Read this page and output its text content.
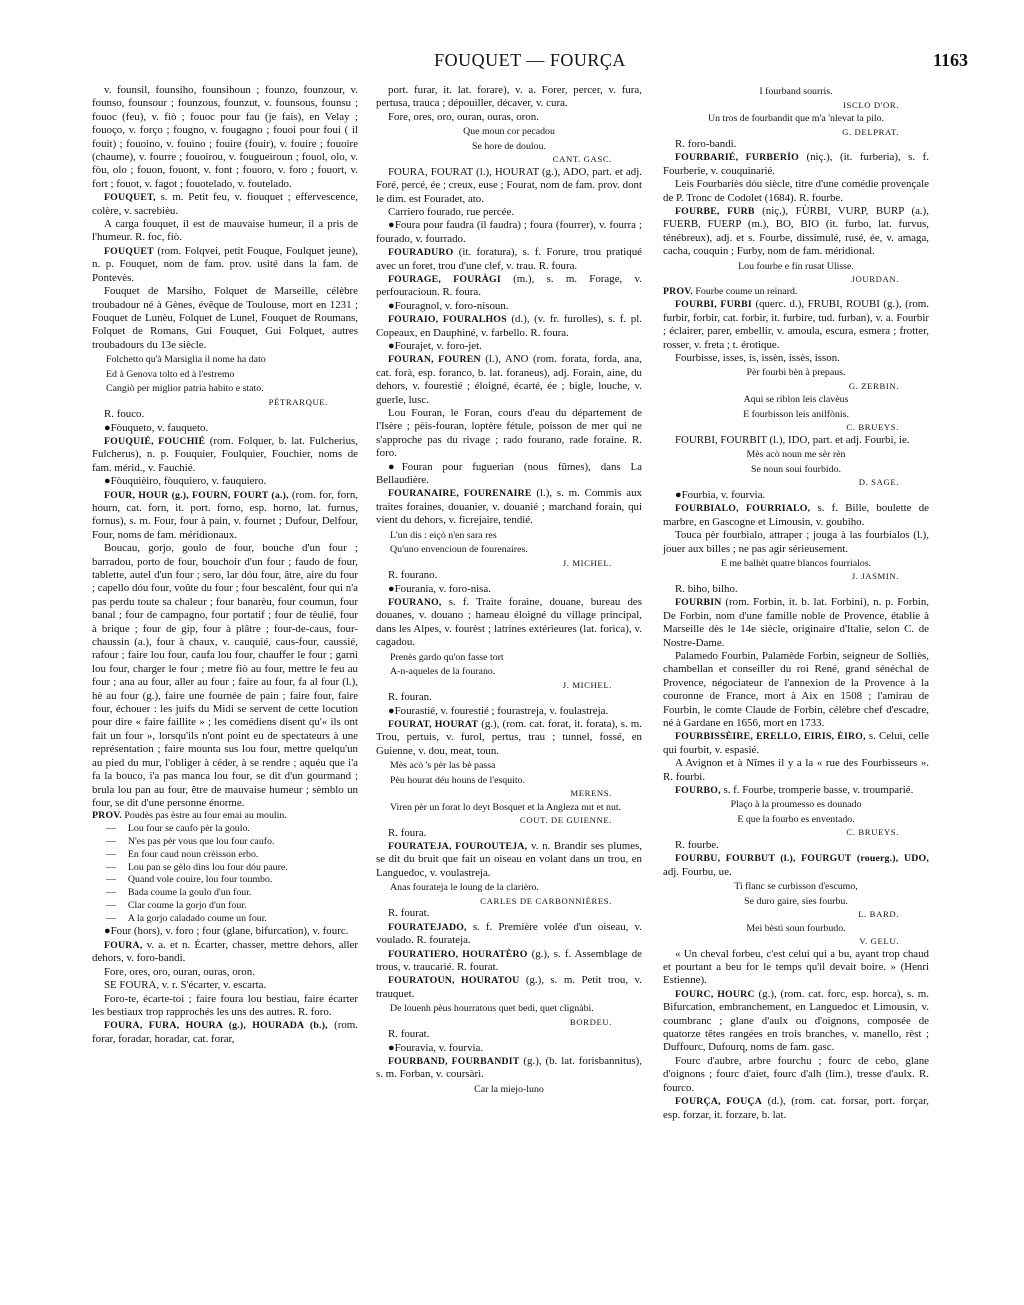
FOUQUET — FOURÇA	1163

v. founsil, founsiho, founsihoun ; founzo, founzour, v. founso, founsour ; founzous, founzut, v. founsous, founsu ; fouoc (feu), v. fiò ; fouoc pour fau (je fais), en Velay ; fouoço, v. forço ; fougno, v. fougagno ; fouoi pour foui ( il fouit) ; fouoino, v. fouino ; fouire (fouir), v. fouire ; fouoire (chaume), v. fourre ; fouoirou, v. fougueiroun ; fouol, olo, v. fòu, olo ; fouon, fouont, v. font ; fouoro, v. foro ; fouort, v. fort ; fouot, v. fagot ; fouotelado, v. foutelado.

FOUQUET, s. m. Petit feu, v. fiouquet ; effervescence, colère, v. sacrebièu.

A carga fouquet, il est de mauvaise humeur, il a pris de l'humeur. R. foc, fiò.

FOUQUET (rom. Folqvei, petit Fouque, Foulquet jeune), n. p. Fouquet, nom de fam. prov. usité dans la fam. de Pontevès.

Fouquet de Marsiho, Folquet de Marseille, célèbre troubadour né à Gènes, évêque de Toulouse, mort en 1231 ; Fouquet de Lunèu, Folquet de Lunel, Fouquet de Roumans, Folquet de Romans, Gui Fouquet, Gui Folquet, autres troubadours du 13e siècle.

Folchetto qu'à Marsiglia il nome ha dato

Ed à Genova tolto ed à l'estremo

Cangiò per miglior patria habito e stato.

PÉTRARQUE.

R. fouco.

●Fòuqueto, v. fauqueto.

FOUQUIÉ, FOUCHIÉ (rom. Folquer, b. lat. Fulcherius, Fulcherus), n. p. Fouquier, Foulquier, Fouchier, noms de fam. mérid., v. Fauchié.

●Fòuquièiro, fòuquiero, v. fauquiero.

FOUR, HOUR (g.), FOURN, FOURT (a.), (rom. for, forn, hourn, cat. forn, it. port. forno, esp. horno, lat. furnus, fornus), s. m. Four, four à pain, v. fournet ; Dufour, Delfour, Four, noms de fam. méridionaux.

Boucau, gorjo, goulo de four, bouche d'un four ; barradou, porto de four, bouchoir d'un four ; faudo de four, tablette, autel d'un four ; sero, lar dóu four, âtre, aire du four ; capello dóu four, voûte du four ; four bescalènt, four qui n'a pas perdu toute sa chaleur ; four banarèu, four coumun, four banal ; four de campagno, four portatif ; four de tèulié, four à brique ; four de gip, four à plâtre ; four-de-caus, four-chaussin (a.), four à chaux, v. cauquié, caus-four, caussié, rafour ; faire lou four, caufa lou four, chauffer le four ; garni lou four, charger le four ; metre fiò au four, mettre le feu au four ; ana au four, aller au four ; faire au four, fa al four (l.), hè au four (g.), faire une fournée de pain ; faire four, faire four, échouer : les juifs du Midi se servent de cette locution pour dire « faire faillite » ; les comédiens disent qu'« ils ont fait un four », lorsqu'ils n'ont point eu de spectateurs à une représentation ; faire mounta sus lou four, mettre quelqu'un au pied du mur, l'obliger à céder, à se rendre ; aquéu que i'a fa la bouco, i'a pas manca lou four, se dit d'un gourmand ; brula lou pan au four, être de mauvaise humeur ; sèmblo un four, se dit d'une personne énorme.

PROV. Poudès pas èstre au four emai au moulin.

— Lou four se caufo pèr la goulo.

— N'es pas pèr vous que lou four caufo.

— En four caud noun crèisson erbo.

— Lou pan se gèlo dins lou four dóu paure.

— Quand vole couire, lou four toumbo.

— Bada coume la goulo d'un four.

— Clar coume la gorjo d'un four.

— A la gorjo caladado coume un four.

●Four (hors), v. foro ; four (glane, bifurcation), v. fourc.

FOURA, v. a. et n. Écarter, chasser, mettre dehors, aller dehors, v. foro-bandi.

Fore, ores, oro, ouran, ouras, oron.

SE FOURA, v. r. S'écarter, v. escarta.

Foro-te, écarte-toi ; faire foura lou bestiau, faire écarter les bestiaux trop rapprochés les uns des autres. R. foro.

FOURA, FURA, HOURA (g.), HOURADA (b.), (rom. forar, foradar, horadar, cat. forar,

port. furar, it. lat. forare), v. a. Forer, percer, v. fura, pertusa, trauca ; dépouiller, décaver, v. cura.

Fore, ores, oro, ouran, ouras, oron.

Que moun cor pecadou

Se hore de doulou.

CANT. GASC.

FOURA, FOURAT (l.), HOURAT (g.), ADO, part. et adj. Foré, percé, ée ; creux, euse ; Fourat, nom de fam. prov. dont le dim. est Fouradet, ato.

Carriero fourado, rue percée.

●Foura pour faudra (il faudra) ; foura (fourrer), v. fourra ; fourado, v. fourrado.

FOURADURO (it. foratura), s. f. Forure, trou pratiqué avec un foret, trou d'une clef, v. trau. R. foura.

FOURAGE, FOURÀGI (m.), s. m. Forage, v. perfouracioun. R. foura.

●Fouragnol, v. foro-nisoun.

FOURAIO, FOURALHOS (d.), (v. fr. furolles), s. f. pl. Copeaux, en Dauphiné, v. farbello. R. foura.

●Fourajet, v. foro-jet.

FOURAN, FOUREN (l.), ANO (rom. forata, forda, ana, cat. forà, esp. foranco, b. lat. foraneus), adj. Forain, aine, du dehors, v. fourestié ; éloigné, écarté, ée ; bigle, louche, v. guerle, lusc.

Lou Fouran, le Foran, cours d'eau du département de l'Isère ; pèis-fouran, loptère fétule, poisson de mer qui ne s'approche pas du rivage ; rado fourano, rade foraine. R. foro.

●Fouran pour fuguerian (nous fûmes), dans La Bellaudière.

FOURANAIRE, FOURENAIRE (l.), s. m. Commis aux traites foraines, douanier, v. douanié ; marchand forain, qui vient du dehors, v. ficrejaire, tendié.

L'un dis : eiçò n'en sara res

Qu'uno envencioun de fourenaires.

J. MICHEL.

R. fourano.

●Fourania, v. foro-nisa.

FOURANO, s. f. Traite foraine, douane, bureau des douanes, v. douano ; hameau éloigné du village principal, dans les Alpes, v. fourèst ; latrines extérieures (lat. forica), v. cagadou.

Prenès gardo qu'on fasse tort

A-n-aqueles de la fourano.

J. MICHEL.

R. fouran.

●Fourastié, v. fourestié ; fourastreja, v. foulastreja.

FOURAT, HOURAT (g.), (rom. cat. forat, it. forata), s. m. Trou, pertuis, v. furol, pertus, trau ; tunnel, fossé, en Guienne, v. dou, meat, toun.

Mès acò 's pèr las bè passa

Pèu hourat déu houns de l'esquito.

MERENS.

Viren pèr un forat lo deyt Bosquet et la Angleza nut et nut.

COUT. DE GUIENNE.

R. foura.

FOURATEJA, FOUROUTEJA, v. n. Brandir ses plumes, se dit du bruit que fait un oiseau en volant dans un trou, en Languedoc, v. voulastreja.

Anas fourateja le loung de la clarièro.

CARLES DE CARBONNIÈRES.

R. fourat.

FOURATEJADO, s. f. Première volée d'un oiseau, v. voulado. R. fourateja.

FOURATIERO, HOURATÈRO (g.), s. f. Assemblage de trous, v. traucarié. R. fourat.

FOURATOUN, HOURATOU (g.), s. m. Petit trou, v. trauquet.

De louenh pèus hourratous quet bedi, quet clignàbi.

BORDEU.

R. fourat.

●Fouravia, v. fourvia.

FOURBAND, FOURBANDIT (g.), (b. lat. forisbannitus), s. m. Forban, v. coursàri.

Car la miejo-luno

I fourband sourris.

ISCLO D'OR.

Un tros de fourbandit que m'a 'nlevat la pilo.

G. DELPRAT.

R. foro-bandi.

FOURBARIÉ, FURBERÌO (niç.), (it. furberia), s. f. Fourberie, v. couquinarié.

Leis Fourbariès dóu siècle, titre d'une comédie provençale de P. Tronc de Codolet (1684). R. fourbe.

FOURBE, FURB (niç.), FÙRBI, VURP, BURP (a.), FUERB, FUERP (m.), BO, BIO (it. furbo, lat. furvus, ténébreux), adj. et s. Fourbe, dissimulé, rusé, ée, v. amaga, cacha, couquin ; Furby, nom de fam. méridional.

Lou fourbe e fin rusat Ulisse.

JOURDAN.

PROV. Fourbe coume un reinard.

FOURBI, FURBI (querc. d.), FRUBI, ROUBI (g.), (rom. furbir, forbir, cat. forbir, it. furbire, tud. furban), v. a. Fourbir ; éclairer, parer, embellir, v. amoula, escura, esmera ; frotter, rosser, v. freta ; t. érotique.

Fourbisse, isses, is, issèn, issès, isson.

Pèr fourbi bèn à prepaus.

G. ZERBIN.

Aqui se riblon leis clavèus

E fourbisson leis anilfònis.

C. BRUEYS.

FOURBI, FOURBIT (l.), IDO, part. et adj. Fourbi, ie.

Mès acò noun me sèr rèn

Se noun soui fourbido.

D. SAGE.

●Fourbia, v. fourvia.

FOURBIALO, FOURRIALO, s. f. Bille, boulette de marbre, en Gascogne et Limousin, v. goubiho.

Touca pèr fourbialo, attraper ; jouga à las fourbialos (l.), jouer aux billes ; ne pas agir sérieusement.

E me balhèt quatre blancos fourrialos.

J. JASMIN.

R. biho, bilho.

FOURBIN (rom. Forbin, it. b. lat. Forbini), n. p. Forbin, De Forbin, nom d'une famille noble de Provence, établie à Marseille dès le 14e siècle, originaire d'Italie, selon C. de Nostre-Dame.

Palamedo Fourbin, Palamède Forbin, seigneur de Solliès, chambellan et conseiller du roi René, grand sénéchal de Provence, négociateur de l'annexion de la Provence à la couronne de France, mort à Aix en 1508 ; l'amirau de Fourbin, le comte Claude de Forbin, célèbre chef d'escadre, né à Gardane en 1656, mort en 1733.

FOURBISSÈIRE, ERELLO, EIRIS, ÈIRO, s. Celui, celle qui fourbit, v. espasié.

A Avignon et à Nîmes il y a la « rue des Fourbisseurs ». R. fourbi.

FOURBO, s. f. Fourbe, tromperie basse, v. troumparié.

Plaço à la proumesso es dounado

E que la fourbo es enventado.

C. BRUEYS.

R. fourbe.

FOURBU, FOURBUT (l.), FOURGUT (rouerg.), UDO, adj. Fourbu, ue.

Ti flanc se curbisson d'escumo,

Se duro gaire, sies fourbu.

L. BARD.

Mei bèsti soun fourbudo.

V. GELU.

« Un cheval forbeu, c'est celui qui a bu, ayant trop chaud et pourtant a beu for le temps qu'il devait boire. » (Henri Estienne).

FOURC, HOURC (g.), (rom. cat. forc, esp. horca), s. m. Bifurcation, embranchement, en Languedoc et Limousin, v. coumbranc ; glane d'aulx ou d'oignons, composée de quatorze têtes rangées en trois branches, v. manello, rèst ; Duffourc, Dufourq, noms de fam. gasc.

Fourc d'aubre, arbre fourchu ; fourc de cebo, glane d'oignons ; fourc d'aiet, fourc d'alh (lim.), tresse d'aulx. R. fourco.

FOURÇA, FOUÇA (d.), (rom. cat. forsar, port. forçar, esp. forzar, it. forzare, b. lat.
